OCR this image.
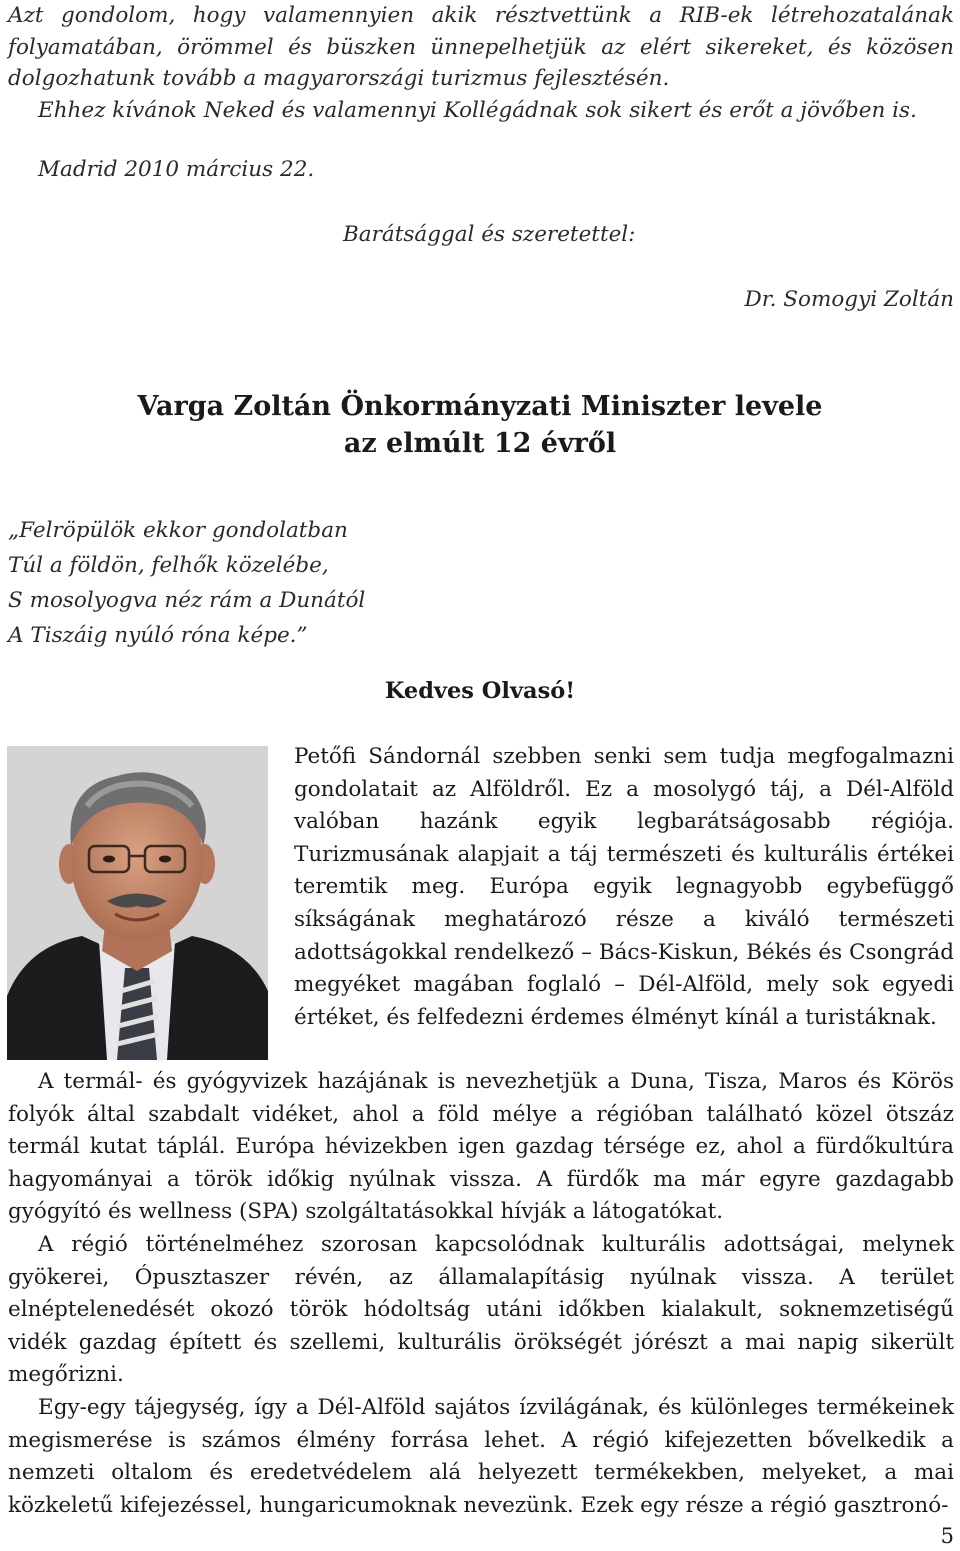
Azt gondolom, hogy valamennyien akik résztvettünk a RIB-ek létrehozatalának folyamatában, örömmel és büszken ünnepelhetjük az elért sikereket, és közösen dolgozhatunk tovább a magyarországi turizmus fejlesztésén.

Ehhez kívánok Neked és valamennyi Kollégádnak sok sikert és erőt a jövőben is.

Madrid 2010 március 22.
Barátsággal és szeretettel:
Dr. Somogyi Zoltán
Varga Zoltán Önkormányzati Miniszter levele
az elmúlt 12 évről
„Felröpülök ekkor gondolatban
Túl a földön, felhők közelébe,
S mosolyogva néz rám a Dunától
A Tiszáig nyúló róna képe.”
Kedves Olvasó!

Petőfi Sándornál szebben senki sem tudja megfogalmazni gondolatait az Alföldről. Ez a mosolygó táj, a Dél-Alföld valóban hazánk egyik legbarátságosabb régiója. Turizmusának alapjait a táj természeti és kulturális értékei teremtik meg. Európa egyik legnagyobb egybefüggő síkságának meghatározó része a kiváló természeti adottságokkal rendelkező – Bács-Kiskun, Békés és Csongrád megyéket magában foglaló – Dél-Alföld, mely sok egyedi értéket, és felfedezni érdemes élményt kínál a turistáknak.

A termál- és gyógyvizek hazájának is nevezhetjük a Duna, Tisza, Maros és Körös folyók által szabdalt vidéket, ahol a föld mélye a régióban található közel ötszáz termál kutat táplál. Európa hévizekben igen gazdag térsége ez, ahol a fürdőkultúra hagyományai a török időkig nyúlnak vissza. A fürdők ma már egyre gazdagabb gyógyító és wellness (SPA) szolgáltatásokkal hívják a látogatókat.

A régió történelméhez szorosan kapcsolódnak kulturális adottságai, melynek gyökerei, Ópusztaszer révén, az államalapításig nyúlnak vissza. A terület elnéptelenedését okozó török hódoltság utáni időkben kialakult, soknemzetiségű vidék gazdag épített és szellemi, kulturális örökségét jórészt a mai napig sikerült megőrizni.

Egy-egy tájegység, így a Dél-Alföld sajátos ízvilágának, és különleges termékeinek megismerése is számos élmény forrása lehet. A régió kifejezetten bővelkedik a nemzeti oltalom és eredetvédelem alá helyezett termékekben, melyeket, a mai közkeletű kifejezéssel, hungaricumoknak nevezünk. Ezek egy része a régió gasztronó-

5
